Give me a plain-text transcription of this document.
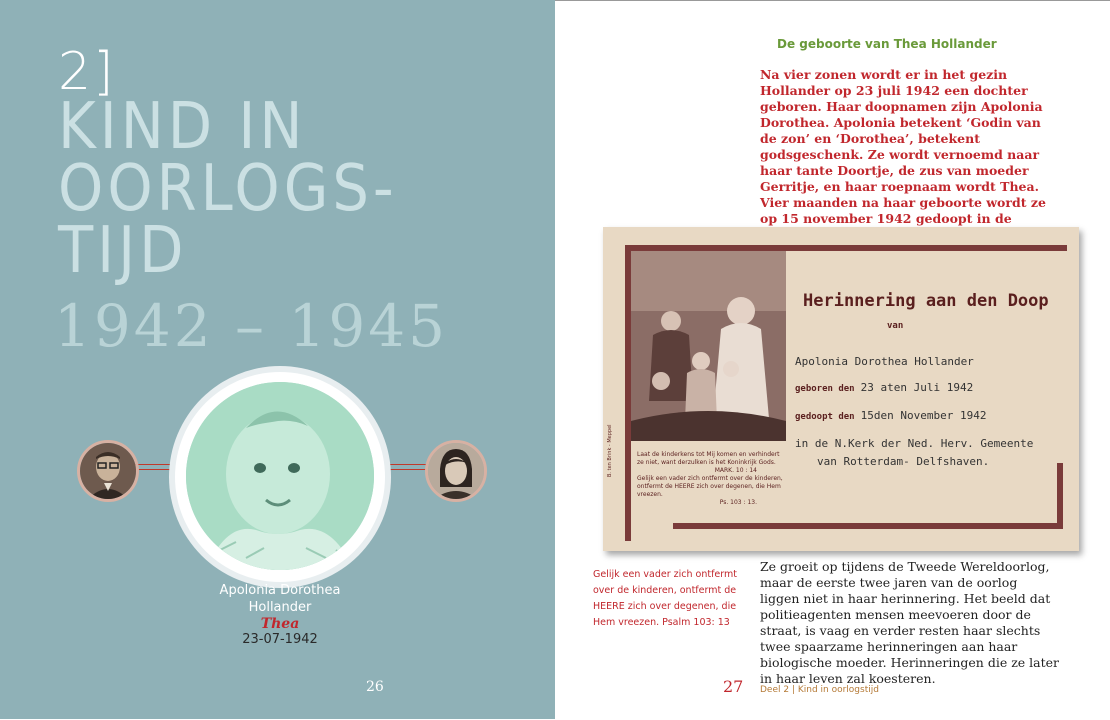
2]
KIND IN
OORLOGS-
TIJD
1942 – 1945
Apolonia Dorothea
Hollander
Thea
23-07-1942
26
De geboorte van Thea Hollander

Na vier zonen wordt er in het gezin Hollander op 23 juli 1942 een dochter geboren. Haar doopnamen zijn Apolonia Dorothea. Apolonia betekent ‘Godin van de zon’ en ‘Dorothea’, betekent godsgeschenk. Ze wordt vernoemd naar haar tante Doortje, de zus van moeder Gerritje, en haar roepnaam wordt Thea. Vier maanden na haar geboorte wordt ze op 15 november 1942 gedoopt in de

Herinnering aan den Doop
van
Apolonia Dorothea Hollander
geboren den 23 aten Juli 1942
gedoopt den 15den November 1942
in de N.Kerk der Ned. Herv. Gemeente
van Rotterdam- Delfshaven.
Laat de kinderkens tot Mij komen en verhindert ze niet, want derzulken is het Koninkrijk Gods.
MARK. 10 : 14
Gelijk een vader zich ontfermt over de kinderen, ontfermt de HEERE zich over degenen, die Hem vreezen.
Ps. 103 : 13.
B. ten Brink - Meppel
Gelijk een vader zich ontfermt over de kinderen, ontfermt de HEERE zich over degenen, die Hem vreezen. Psalm 103: 13

Ze groeit op tijdens de Tweede Wereldoorlog, maar de eerste twee jaren van de oorlog liggen niet in haar herinnering. Het beeld dat politieagenten mensen meevoeren door de straat, is vaag en verder resten haar slechts twee spaarzame herinneringen aan haar biologische moeder. Herinneringen die ze later in haar leven zal koesteren.

27 Deel 2 | Kind in oorlogstijd
